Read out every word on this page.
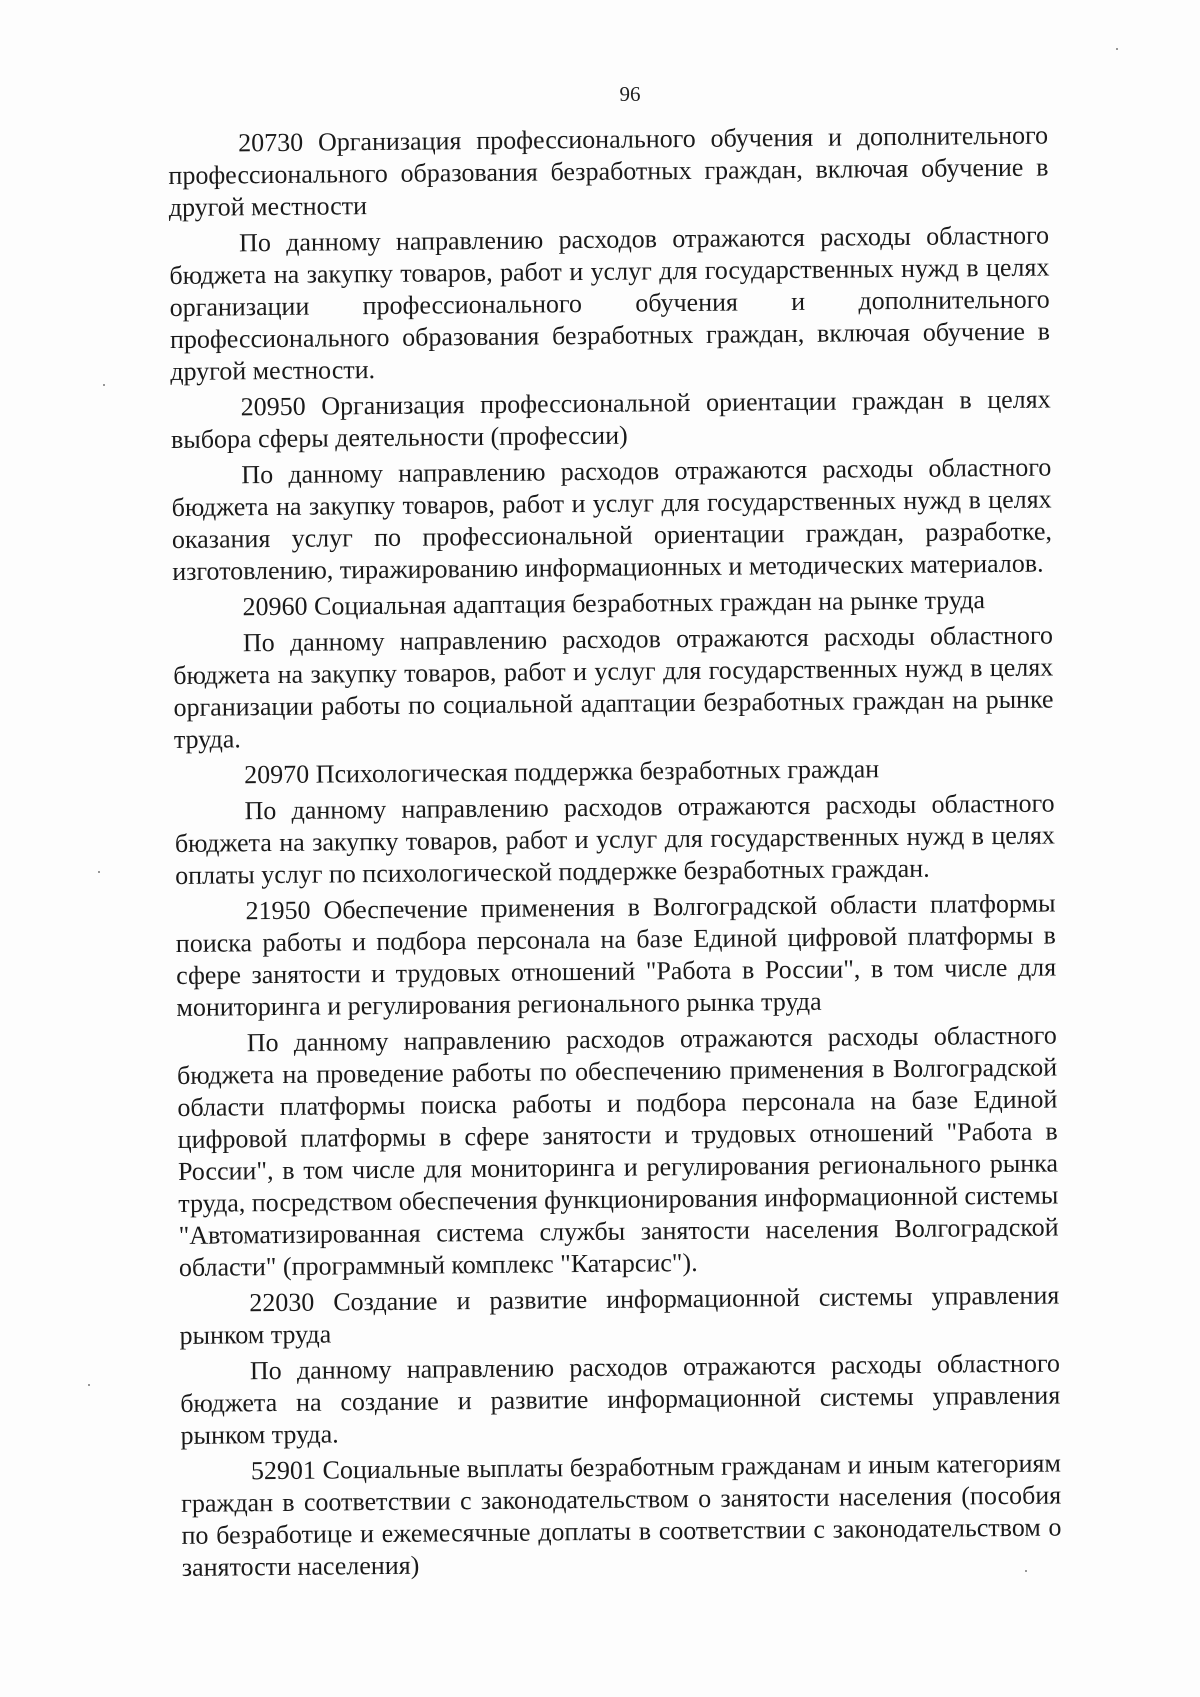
96

20730 Организация профессионального обучения и дополнительного профессионального образования безработных граждан, включая обучение в другой местности

По данному направлению расходов отражаются расходы областного бюджета на закупку товаров, работ и услуг для государственных нужд в целях организации профессионального обучения и дополнительного профессионального образования безработных граждан, включая обучение в другой местности.

20950 Организация профессиональной ориентации граждан в целях выбора сферы деятельности (профессии)

По данному направлению расходов отражаются расходы областного бюджета на закупку товаров, работ и услуг для государственных нужд в целях оказания услуг по профессиональной ориентации граждан, разработке, изготовлению, тиражированию информационных и методических материалов.

20960 Социальная адаптация безработных граждан на рынке труда

По данному направлению расходов отражаются расходы областного бюджета на закупку товаров, работ и услуг для государственных нужд в целях организации работы по социальной адаптации безработных граждан на рынке труда.

20970 Психологическая поддержка безработных граждан

По данному направлению расходов отражаются расходы областного бюджета на закупку товаров, работ и услуг для государственных нужд в целях оплаты услуг по психологической поддержке безработных граждан.

21950 Обеспечение применения в Волгоградской области платформы поиска работы и подбора персонала на базе Единой цифровой платформы в сфере занятости и трудовых отношений "Работа в России", в том числе для мониторинга и регулирования регионального рынка труда

По данному направлению расходов отражаются расходы областного бюджета на проведение работы по обеспечению применения в Волгоградской области платформы поиска работы и подбора персонала на базе Единой цифровой платформы в сфере занятости и трудовых отношений "Работа в России", в том числе для мониторинга и регулирования регионального рынка труда, посредством обеспечения функционирования информационной системы "Автоматизированная система службы занятости населения Волгоградской области" (программный комплекс "Катарсис").

22030 Создание и развитие информационной системы управления рынком труда

По данному направлению расходов отражаются расходы областного бюджета на создание и развитие информационной системы управления рынком труда.

52901 Социальные выплаты безработным гражданам и иным категориям граждан в соответствии с законодательством о занятости населения (пособия по безработице и ежемесячные доплаты в соответствии с законодательством о занятости населения)
